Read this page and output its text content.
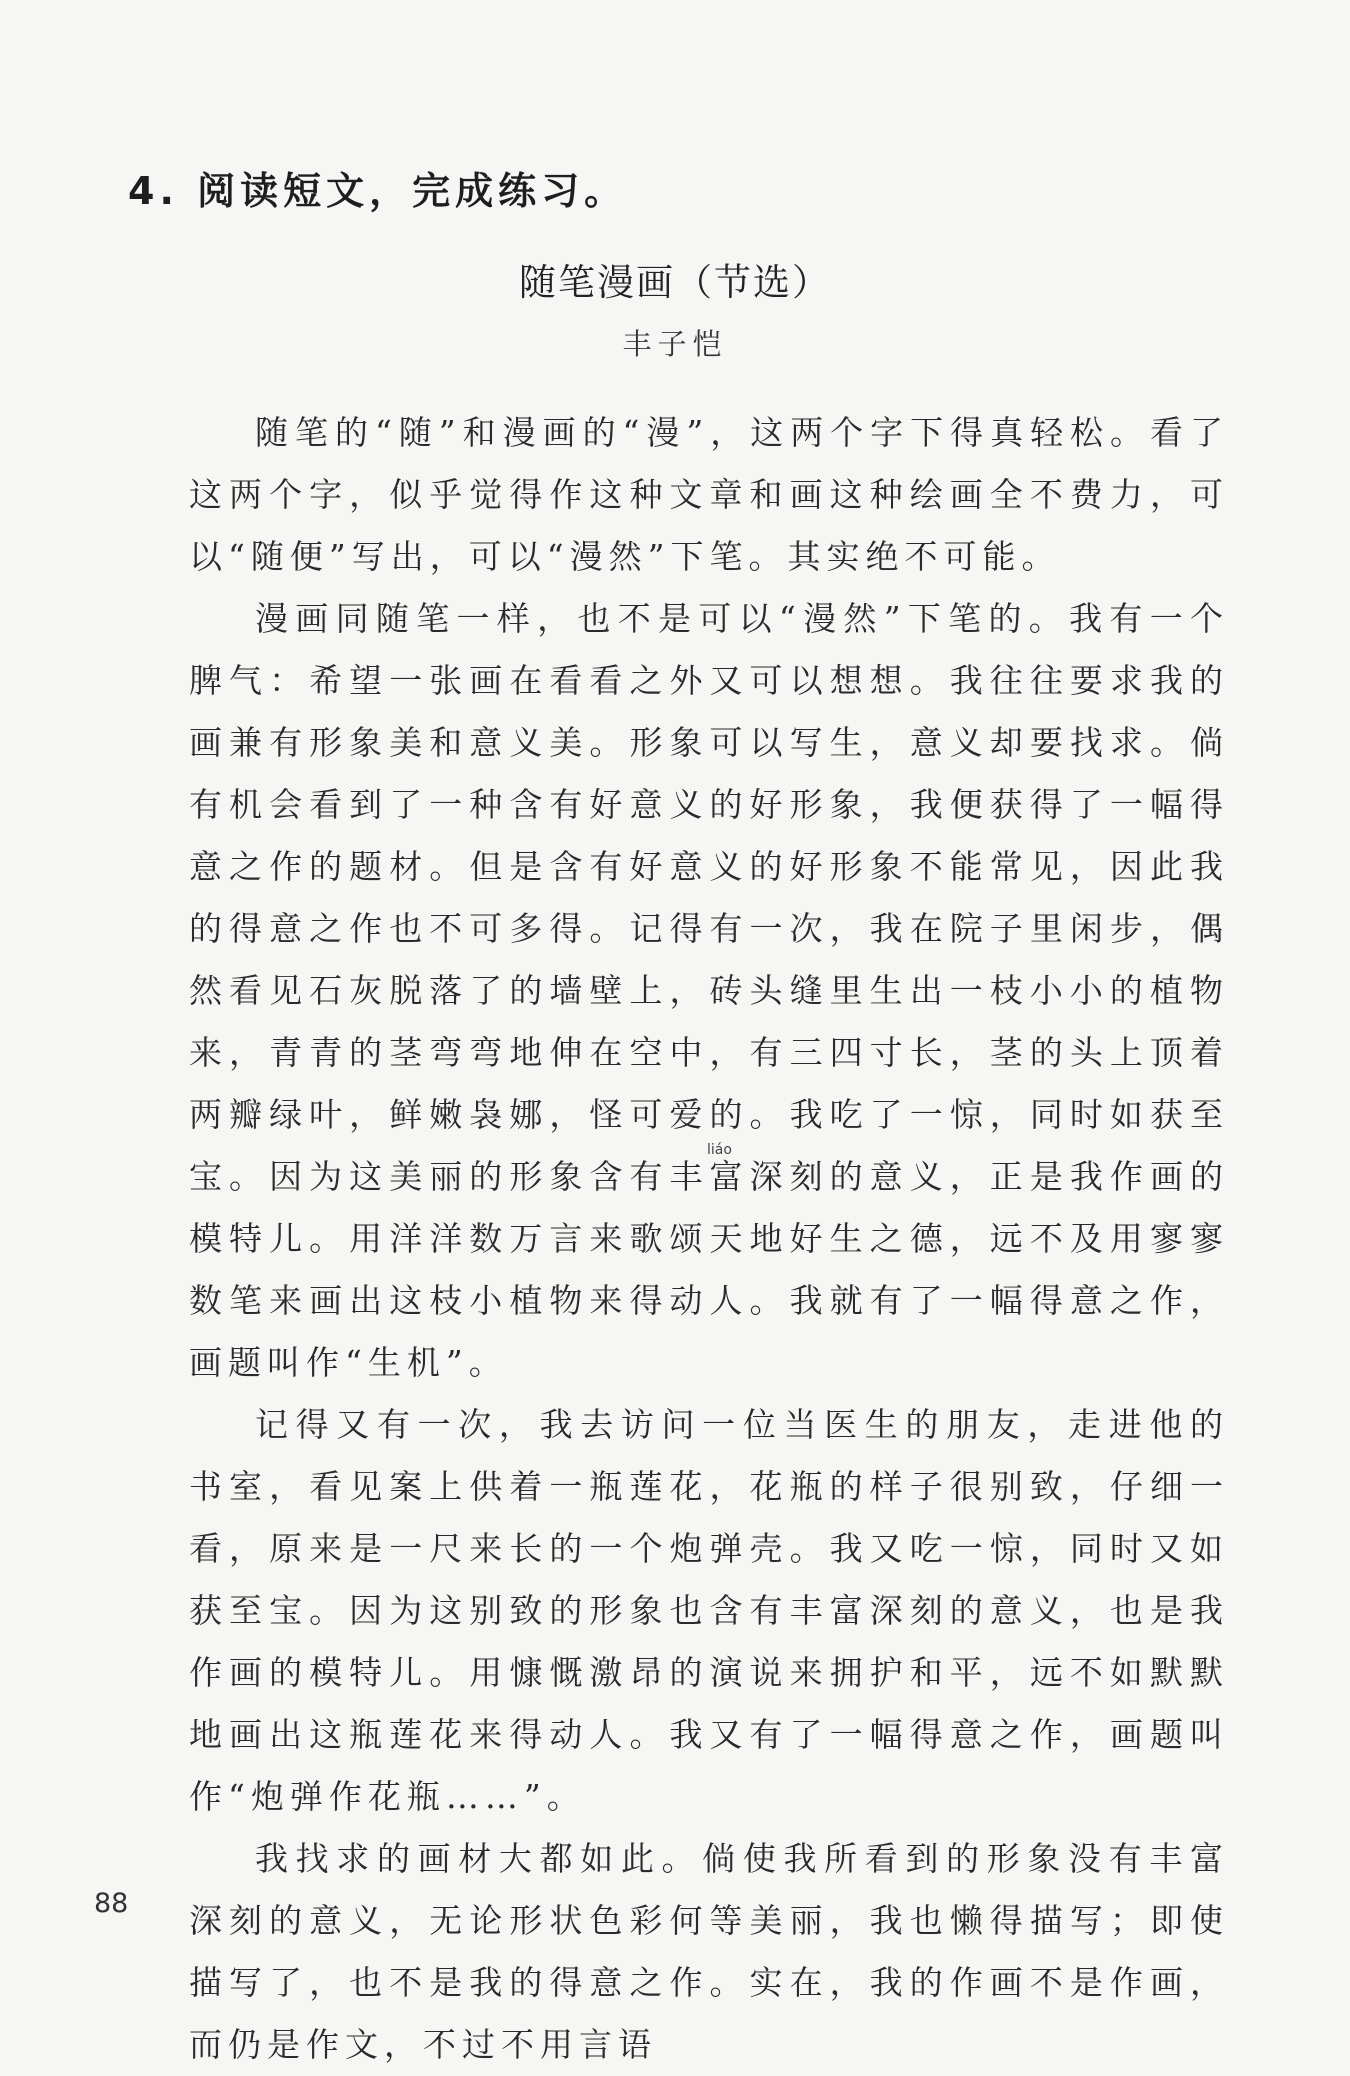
4. 阅读短文，完成练习。
随笔漫画（节选）
丰子恺

随笔的“随”和漫画的“漫”，这两个字下得真轻松。看了这两个字，似乎觉得作这种文章和画这种绘画全不费力，可以“随便”写出，可以“漫然”下笔。其实绝不可能。

漫画同随笔一样，也不是可以“漫然”下笔的。我有一个脾气：希望一张画在看看之外又可以想想。我往往要求我的画兼有形象美和意义美。形象可以写生，意义却要找求。倘有机会看到了一种含有好意义的好形象，我便获得了一幅得意之作的题材。但是含有好意义的好形象不能常见，因此我的得意之作也不可多得。记得有一次，我在院子里闲步，偶然看见石灰脱落了的墙壁上，砖头缝里生出一枝小小的植物来，青青的茎弯弯地伸在空中，有三四寸长，茎的头上顶着两瓣绿叶，鲜嫩袅娜，怪可爱的。我吃了一惊，同时如获至宝。因为这美丽的形象含有丰富深刻的意义，正是我作画的模特儿。用洋洋数万言来歌颂天地好生之德，远不及用寥寥数笔来画出这枝小植物来得动人。我就有了一幅得意之作，画题叫作“生机”。

记得又有一次，我去访问一位当医生的朋友，走进他的书室，看见案上供着一瓶莲花，花瓶的样子很别致，仔细一看，原来是一尺来长的一个炮弹壳。我又吃一惊，同时又如获至宝。因为这别致的形象也含有丰富深刻的意义，也是我作画的模特儿。用慷慨激昂的演说来拥护和平，远不如默默地画出这瓶莲花来得动人。我又有了一幅得意之作，画题叫作“炮弹作花瓶……”。

我找求的画材大都如此。倘使我所看到的形象没有丰富深刻的意义，无论形状色彩何等美丽，我也懒得描写；即使描写了，也不是我的得意之作。实在，我的作画不是作画，而仍是作文，不过不用言语

liáo
88
